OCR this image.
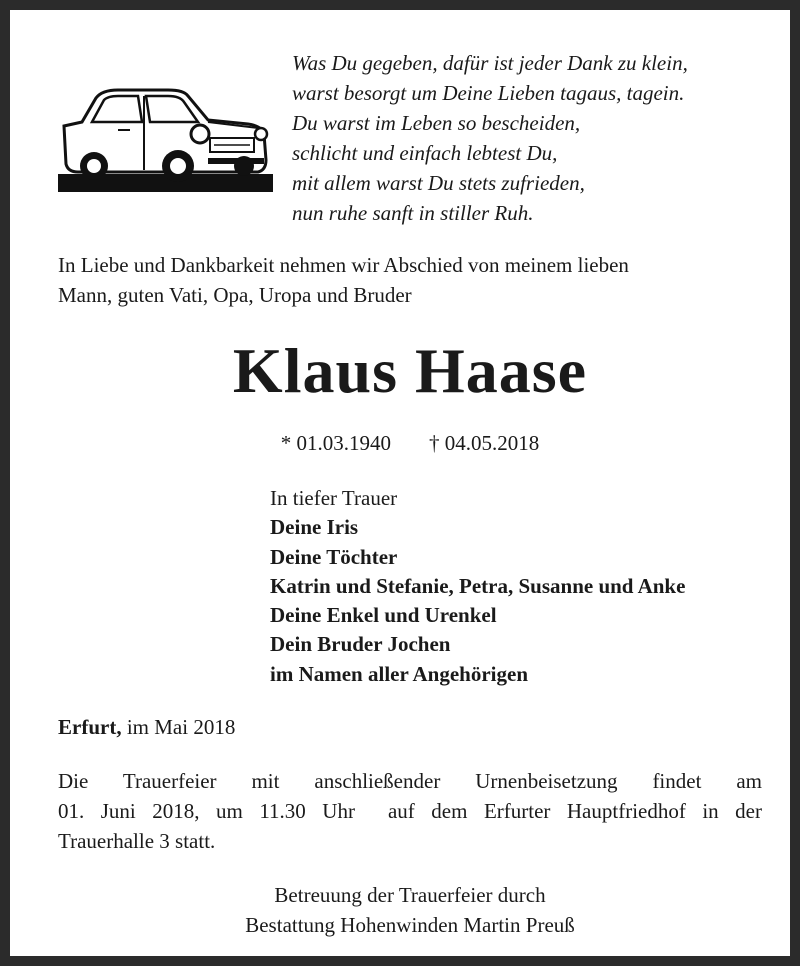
Was Du gegeben, dafür ist jeder Dank zu klein,
warst besorgt um Deine Lieben tagaus, tagein.
Du warst im Leben so bescheiden,
schlicht und einfach lebtest Du,
mit allem warst Du stets zufrieden,
nun ruhe sanft in stiller Ruh.
In Liebe und Dankbarkeit nehmen wir Abschied von meinem lieben
Mann, guten Vati, Opa, Uropa und Bruder
Klaus Haase
* 01.03.1940 † 04.05.2018
In tiefer Trauer
Deine Iris
Deine Töchter
Katrin und Stefanie, Petra, Susanne und Anke
Deine Enkel und Urenkel
Dein Bruder Jochen
im Namen aller Angehörigen
Erfurt, im Mai 2018
Die Trauerfeier mit anschließender Urnenbeisetzung findet am
01. Juni 2018, um 11.30 Uhr  auf dem Erfurter Hauptfriedhof in der
Trauerhalle 3 statt.
Betreuung der Trauerfeier durch
Bestattung Hohenwinden Martin Preuß
